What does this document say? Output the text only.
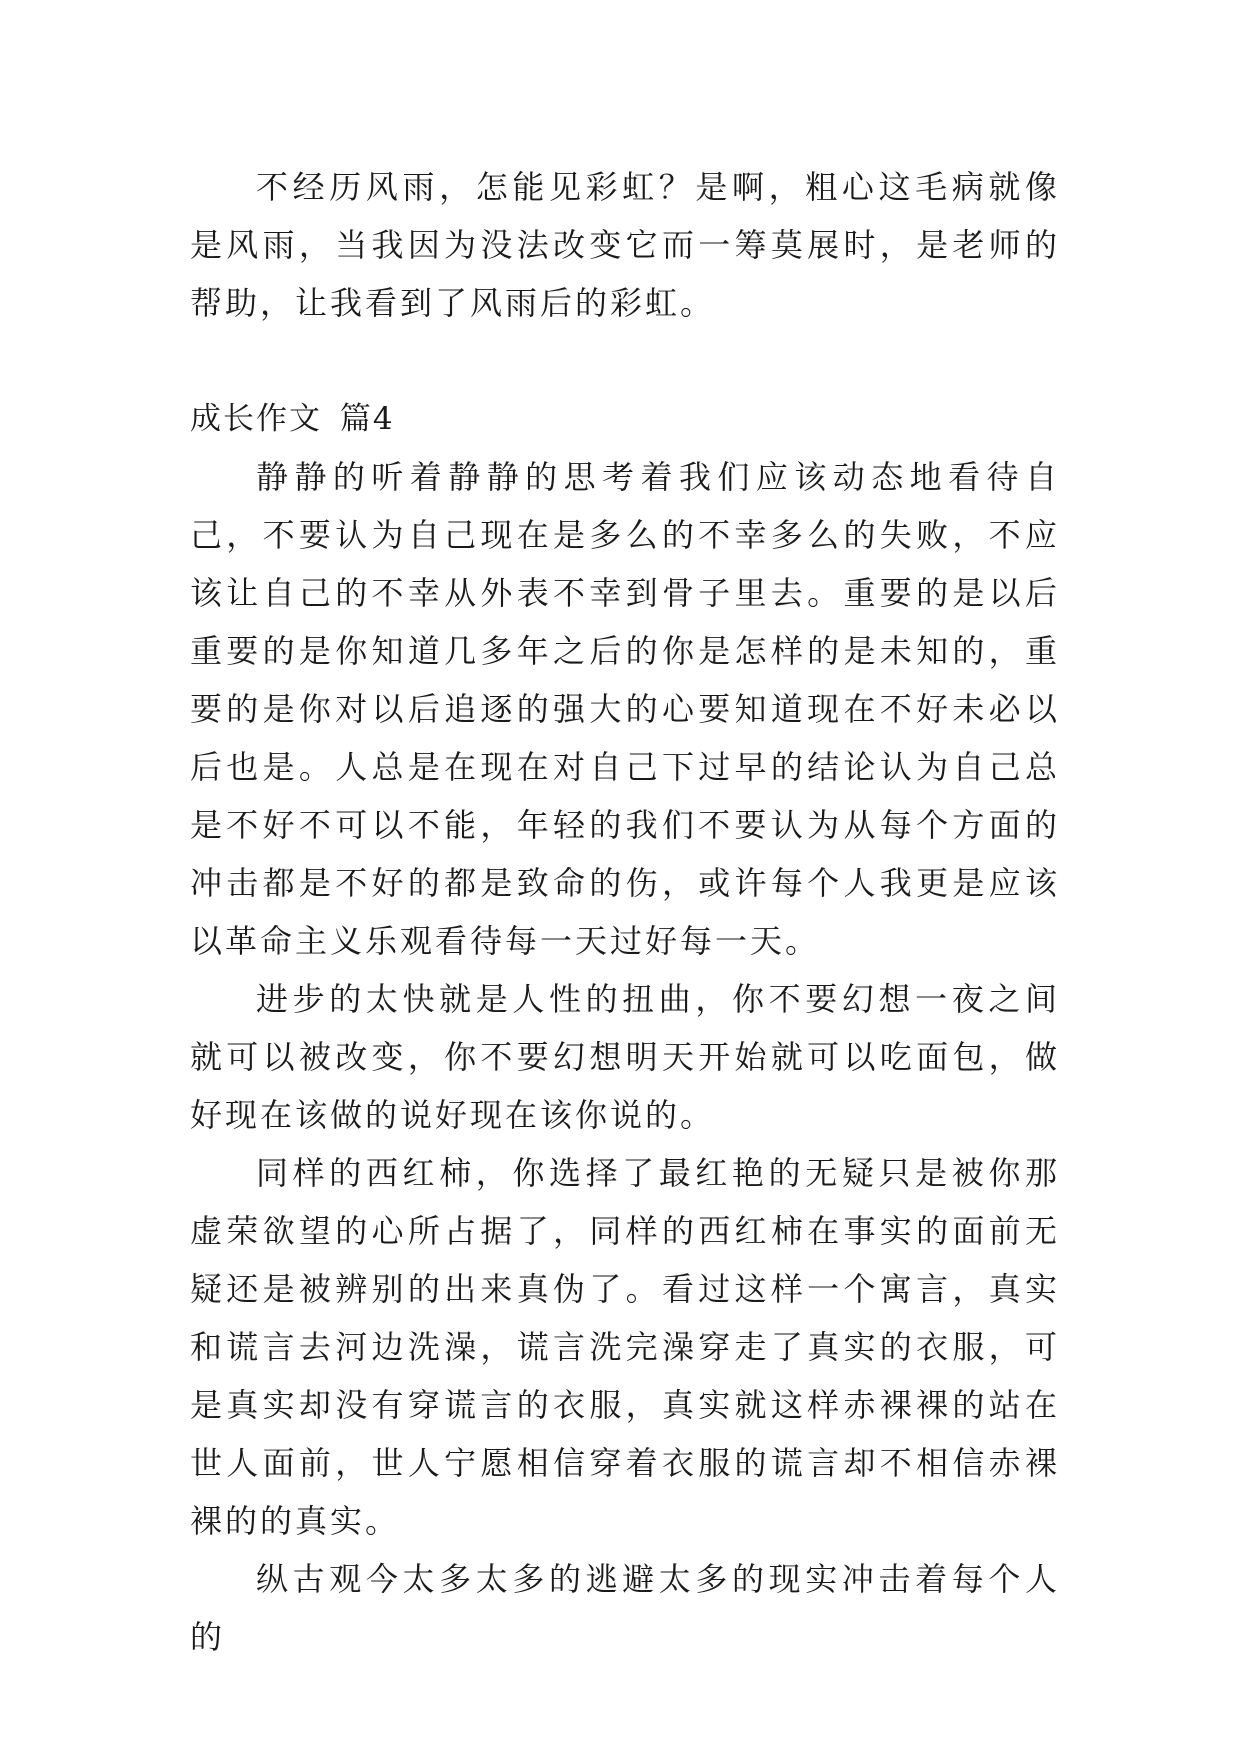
不经历风雨，怎能见彩虹？是啊，粗心这毛病就像是风雨，当我因为没法改变它而一筹莫展时，是老师的帮助，让我看到了风雨后的彩虹。

成长作文 篇4

静静的听着静静的思考着我们应该动态地看待自己，不要认为自己现在是多么的不幸多么的失败，不应该让自己的不幸从外表不幸到骨子里去。重要的是以后重要的是你知道几多年之后的你是怎样的是未知的，重要的是你对以后追逐的强大的心要知道现在不好未必以后也是。人总是在现在对自己下过早的结论认为自己总是不好不可以不能，年轻的我们不要认为从每个方面的冲击都是不好的都是致命的伤，或许每个人我更是应该以革命主义乐观看待每一天过好每一天。

进步的太快就是人性的扭曲，你不要幻想一夜之间就可以被改变，你不要幻想明天开始就可以吃面包，做好现在该做的说好现在该你说的。

同样的西红柿，你选择了最红艳的无疑只是被你那虚荣欲望的心所占据了，同样的西红柿在事实的面前无疑还是被辨别的出来真伪了。看过这样一个寓言，真实和谎言去河边洗澡，谎言洗完澡穿走了真实的衣服，可是真实却没有穿谎言的衣服，真实就这样赤裸裸的站在世人面前，世人宁愿相信穿着衣服的谎言却不相信赤裸裸的的真实。

纵古观今太多太多的逃避太多的现实冲击着每个人的
